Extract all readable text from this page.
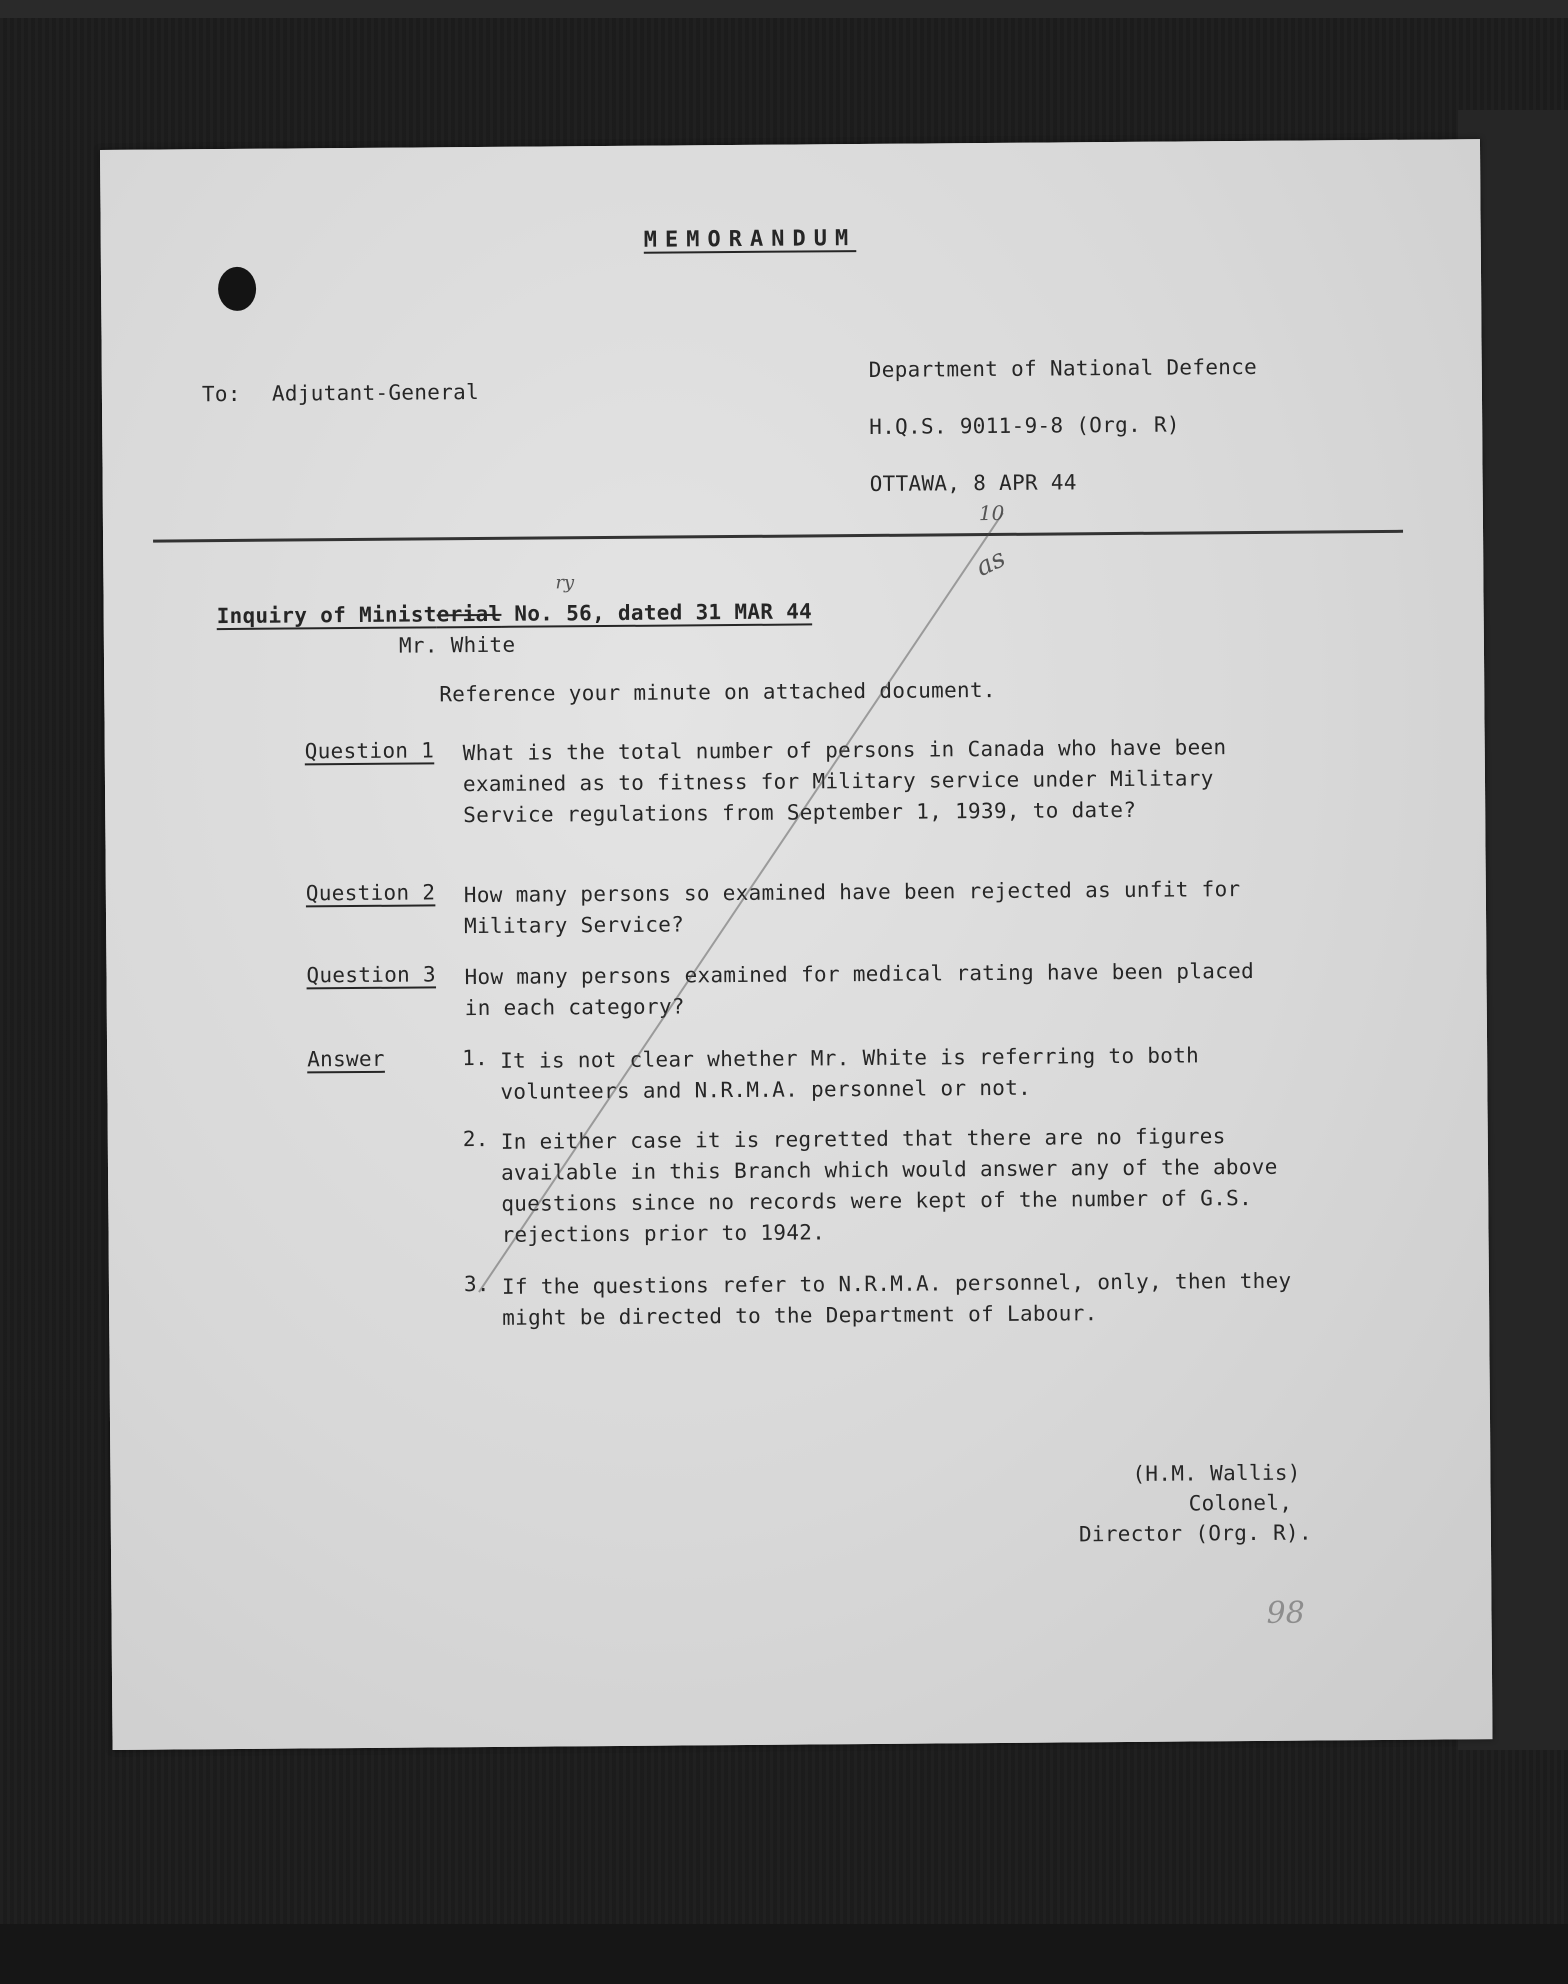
MEMORANDUM
To: Adjutant-General
Department of National Defence
H.Q.S. 9011-9-8 (Org. R)
OTTAWA, 8 APR 44
10
as
ry
Inquiry of Ministerial No. 56, dated 31 MAR 44
Mr. White
Reference your minute on attached document.
Question 1 What is the total number of persons in Canada who have been examined as to fitness for Military service under Military Service regulations from September 1, 1939, to date?
Question 2 How many persons so examined have been rejected as unfit for Military Service?
Question 3 How many persons examined for medical rating have been placed in each category?
Answer	1. It is not clear whether Mr. White is referring to both volunteers and N.R.M.A. personnel or not.
2. In either case it is regretted that there are no figures available in this Branch which would answer any of the above questions since no records were kept of the number of G.S. rejections prior to 1942.
3. If the questions refer to N.R.M.A. personnel, only, then they might be directed to the Department of Labour.
(H.M. Wallis)
Colonel,
Director (Org. R).
98
